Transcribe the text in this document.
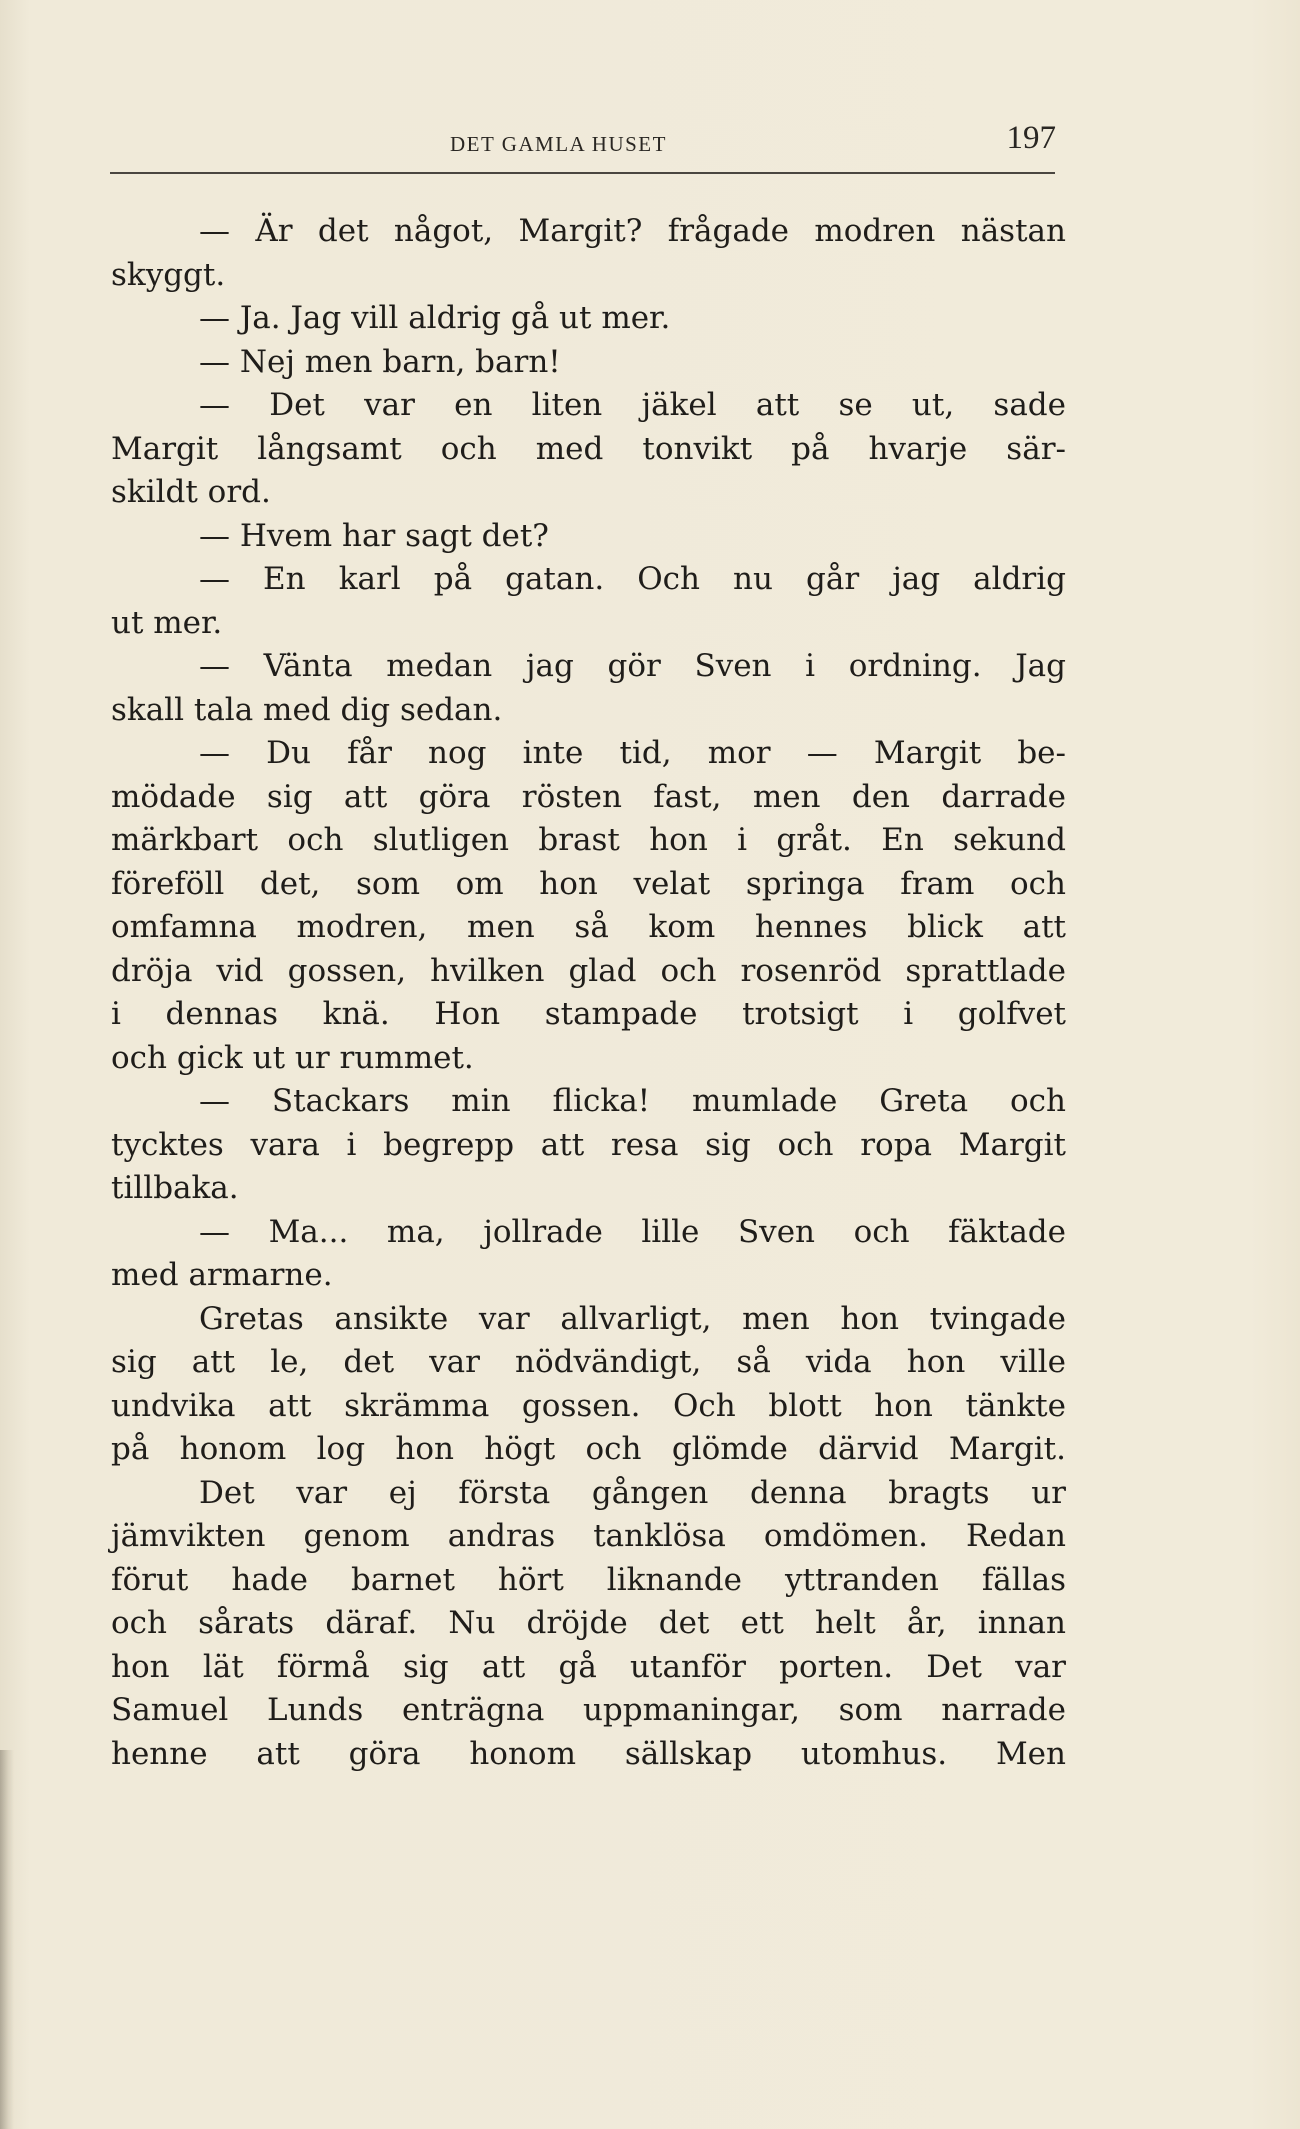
DET GAMLA HUSET	197
— Är det något, Margit? frågade modren nästan
skyggt.
— Ja. Jag vill aldrig gå ut mer.
— Nej men barn, barn!
— Det var en liten jäkel att se ut, sade
Margit långsamt och med tonvikt på hvarje sär-
skildt ord.
— Hvem har sagt det?
— En karl på gatan. Och nu går jag aldrig
ut mer.
— Vänta medan jag gör Sven i ordning. Jag
skall tala med dig sedan.
— Du får nog inte tid, mor — Margit be-
mödade sig att göra rösten fast, men den darrade
märkbart och slutligen brast hon i gråt. En sekund
föreföll det, som om hon velat springa fram och
omfamna modren, men så kom hennes blick att
dröja vid gossen, hvilken glad och rosenröd sprattlade
i dennas knä. Hon stampade trotsigt i golfvet
och gick ut ur rummet.
— Stackars min flicka! mumlade Greta och
tycktes vara i begrepp att resa sig och ropa Margit
tillbaka.
— Ma... ma, jollrade lille Sven och fäktade
med armarne.
Gretas ansikte var allvarligt, men hon tvingade
sig att le, det var nödvändigt, så vida hon ville
undvika att skrämma gossen. Och blott hon tänkte
på honom log hon högt och glömde därvid Margit.
Det var ej första gången denna bragts ur
jämvikten genom andras tanklösa omdömen. Redan
förut hade barnet hört liknande yttranden fällas
och sårats däraf. Nu dröjde det ett helt år, innan
hon lät förmå sig att gå utanför porten. Det var
Samuel Lunds enträgna uppmaningar, som narrade
henne att göra honom sällskap utomhus. Men
